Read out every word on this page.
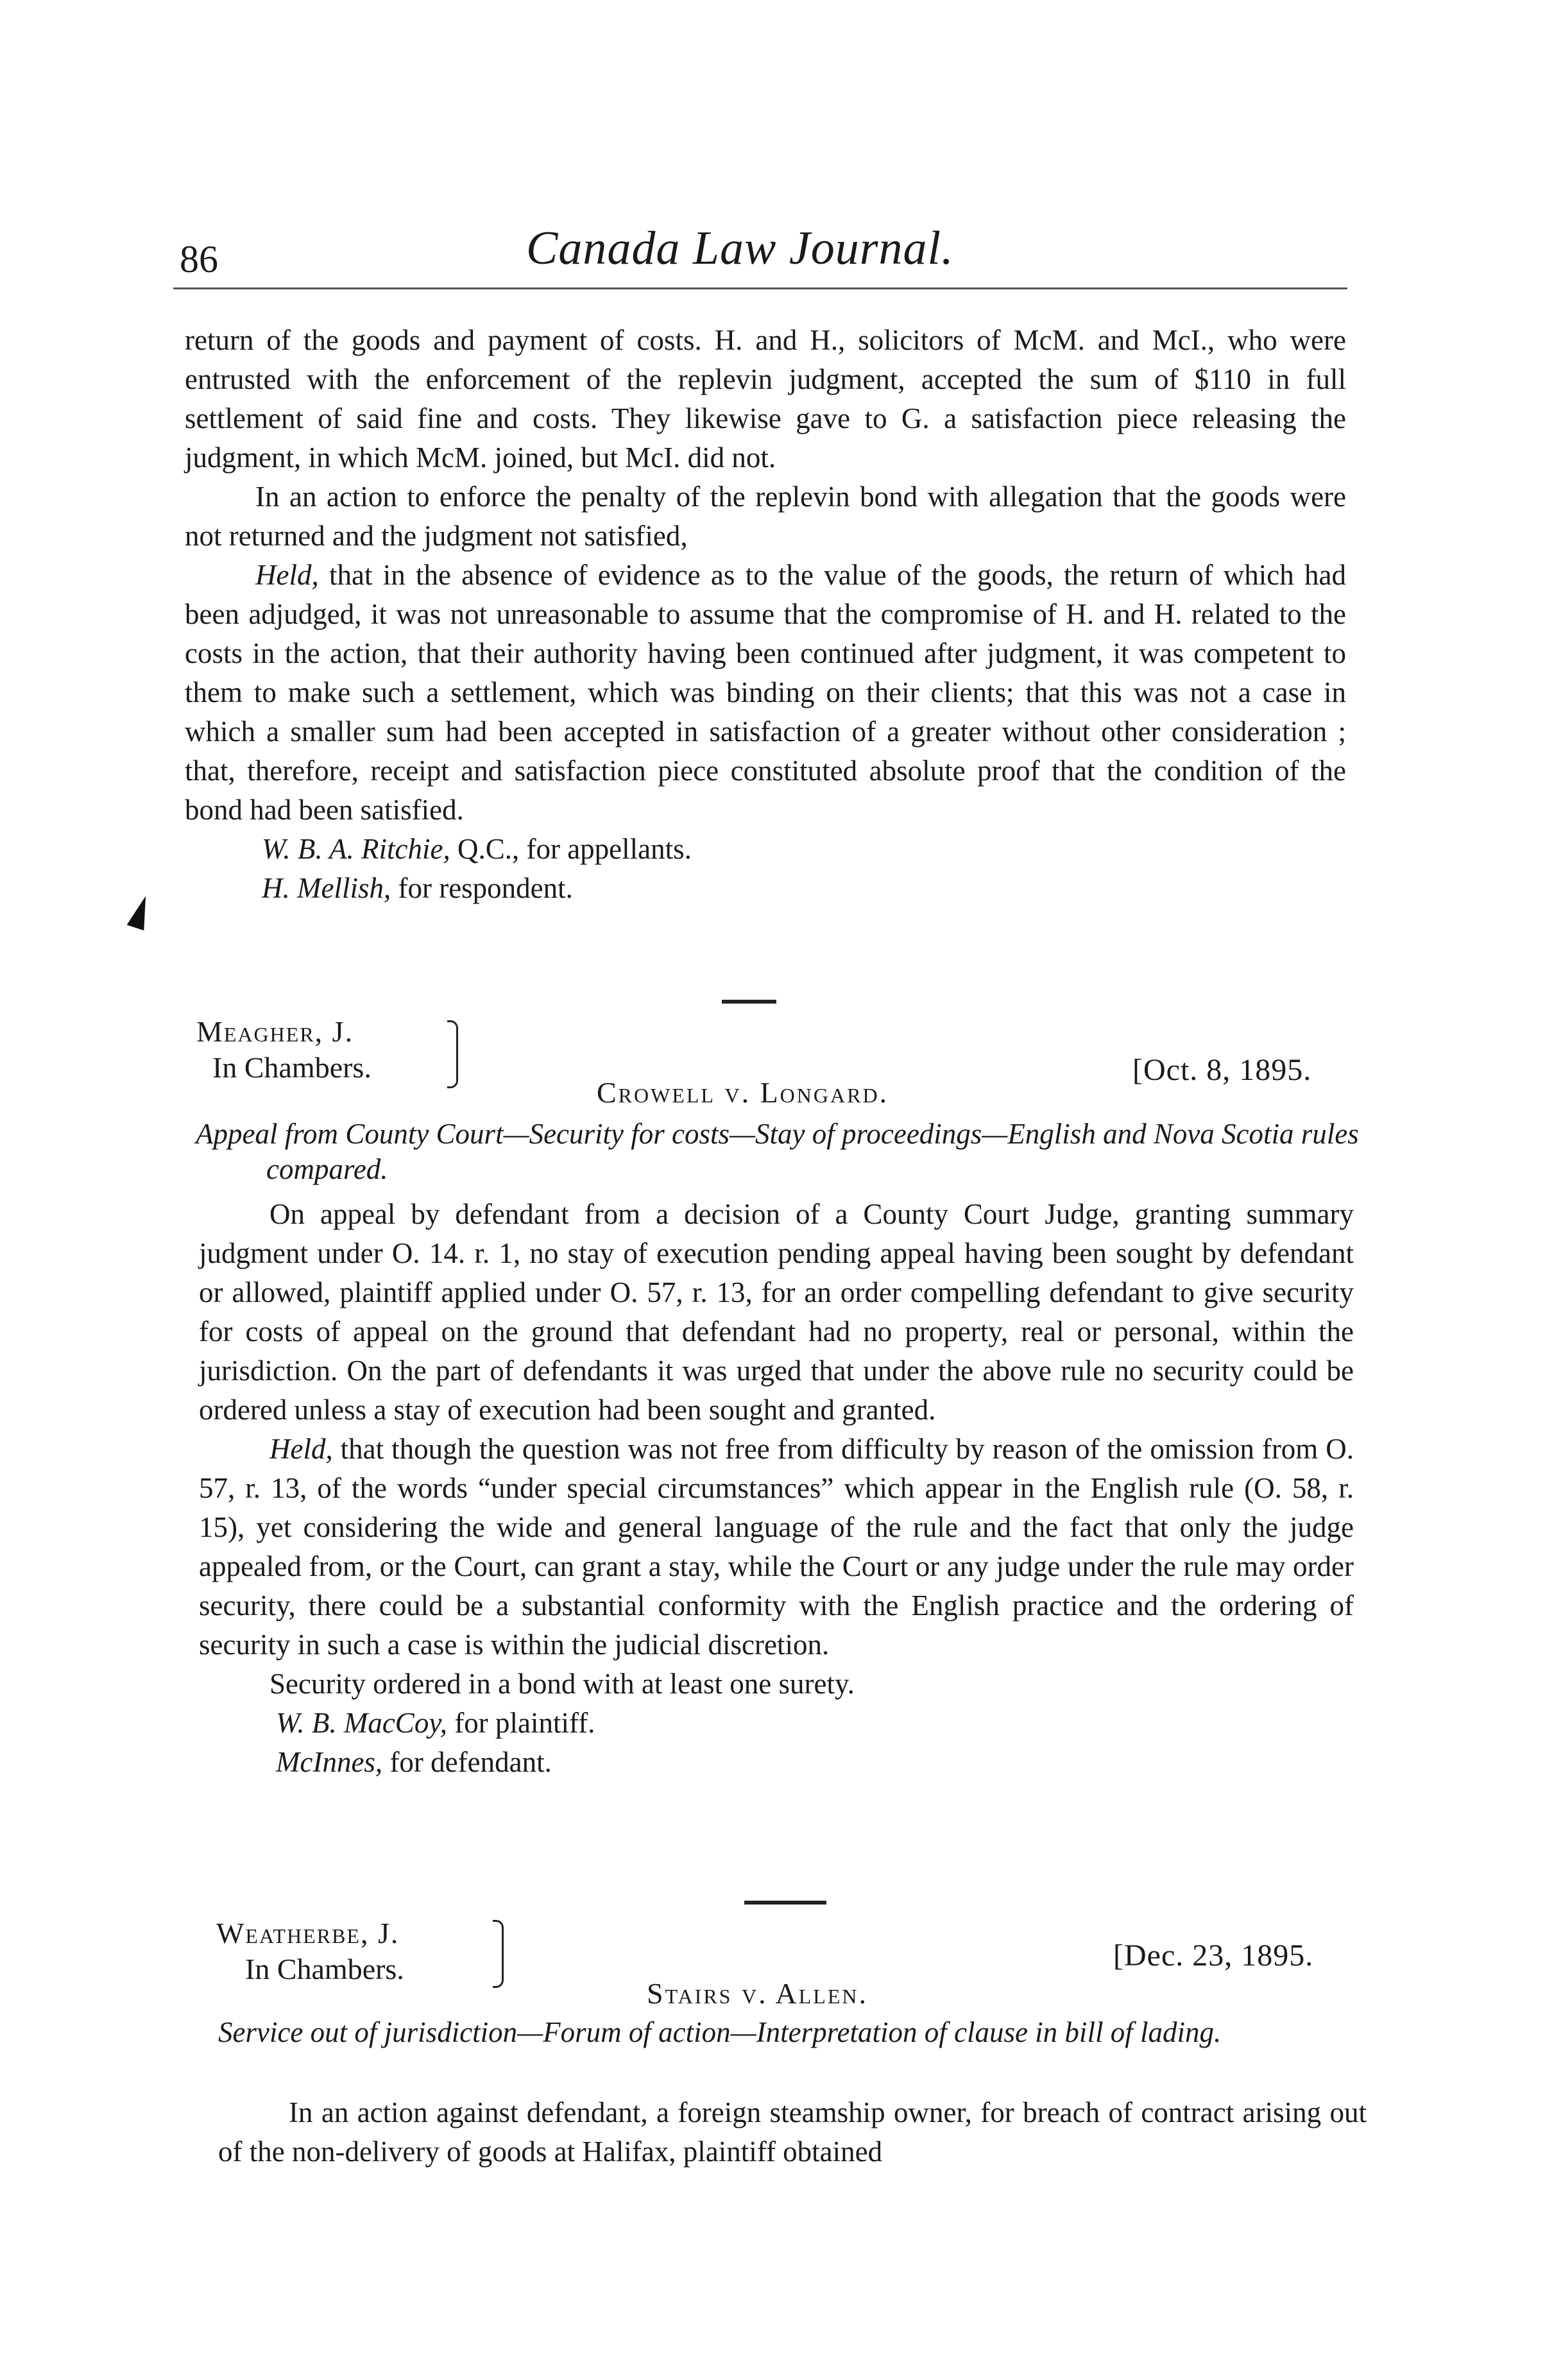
86	Canada Law Journal.

return of the goods and payment of costs. H. and H., solicitors of McM. and McI., who were entrusted with the enforcement of the replevin judgment, accepted the sum of $110 in full settlement of said fine and costs. They likewise gave to G. a satisfaction piece releasing the judgment, in which McM. joined, but McI. did not.

In an action to enforce the penalty of the replevin bond with allegation that the goods were not returned and the judgment not satisfied,

Held, that in the absence of evidence as to the value of the goods, the return of which had been adjudged, it was not unreasonable to assume that the compromise of H. and H. related to the costs in the action, that their authority having been continued after judgment, it was competent to them to make such a settlement, which was binding on their clients; that this was not a case in which a smaller sum had been accepted in satisfaction of a greater without other consideration ; that, therefore, receipt and satisfaction piece constituted absolute proof that the condition of the bond had been satisfied.

W. B. A. Ritchie, Q.C., for appellants.

H. Mellish, for respondent.

Meagher, J.
In Chambers.	[Oct. 8, 1895.
Crowell v. Longard.

Appeal from County Court—Security for costs—Stay of proceedings—English and Nova Scotia rules compared.

On appeal by defendant from a decision of a County Court Judge, granting summary judgment under O. 14. r. 1, no stay of execution pending appeal having been sought by defendant or allowed, plaintiff applied under O. 57, r. 13, for an order compelling defendant to give security for costs of appeal on the ground that defendant had no property, real or personal, within the jurisdiction. On the part of defendants it was urged that under the above rule no security could be ordered unless a stay of execution had been sought and granted.

Held, that though the question was not free from difficulty by reason of the omission from O. 57, r. 13, of the words “under special circumstances” which appear in the English rule (O. 58, r. 15), yet considering the wide and general language of the rule and the fact that only the judge appealed from, or the Court, can grant a stay, while the Court or any judge under the rule may order security, there could be a substantial conformity with the English practice and the ordering of security in such a case is within the judicial discretion.

Security ordered in a bond with at least one surety.

W. B. MacCoy, for plaintiff.

McInnes, for defendant.

Weatherbe, J.
In Chambers.	[Dec. 23, 1895.
Stairs v. Allen.

Service out of jurisdiction—Forum of action—Interpretation of clause in bill of lading.

In an action against defendant, a foreign steamship owner, for breach of contract arising out of the non-delivery of goods at Halifax, plaintiff obtained
